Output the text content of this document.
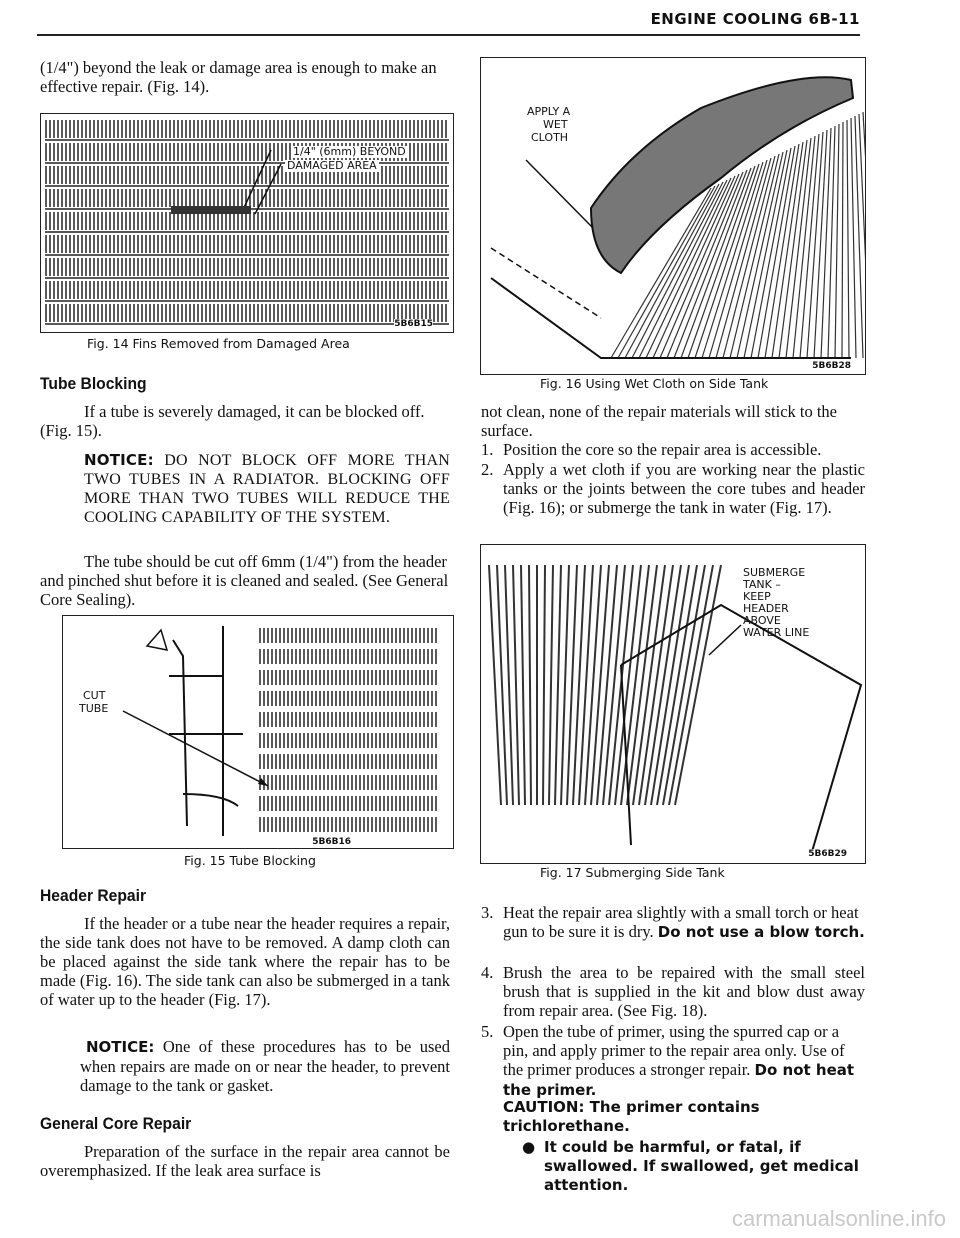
ENGINE COOLING 6B-11

(1/4") beyond the leak or damage area is enough to make an effective repair. (Fig. 14).

1/4" (6mm) BEYOND
DAMAGED AREA
5B6B15
Fig. 14 Fins Removed from Damaged Area
Tube Blocking

If a tube is severely damaged, it can be blocked off. (Fig. 15).

NOTICE: DO NOT BLOCK OFF MORE THAN TWO TUBES IN A RADIATOR. BLOCKING OFF MORE THAN TWO TUBES WILL REDUCE THE COOLING CAPABILITY OF THE SYSTEM.

The tube should be cut off 6mm (1/4") from the header and pinched shut before it is cleaned and sealed. (See General Core Sealing).

CUT
TUBE
5B6B16
Fig. 15 Tube Blocking
Header Repair

If the header or a tube near the header requires a repair, the side tank does not have to be removed. A damp cloth can be placed against the side tank where the repair has to be made (Fig. 16). The side tank can also be submerged in a tank of water up to the header (Fig. 17).

NOTICE: One of these procedures has to be used when repairs are made on or near the header, to prevent damage to the tank or gasket.

General Core Repair

Preparation of the surface in the repair area cannot be overemphasized. If the leak area surface is

APPLY A
WET
CLOTH
5B6B28
Fig. 16 Using Wet Cloth on Side Tank

not clean, none of the repair materials will stick to the surface.

1. Position the core so the repair area is accessible.
2. Apply a wet cloth if you are working near the plastic tanks or the joints between the core tubes and header (Fig. 16); or submerge the tank in water (Fig. 17).
SUBMERGE
TANK –
KEEP
HEADER
ABOVE
WATER LINE
5B6B29
Fig. 17 Submerging Side Tank
3. Heat the repair area slightly with a small torch or heat gun to be sure it is dry. Do not use a blow torch.
4. Brush the area to be repaired with the small steel brush that is supplied in the kit and blow dust away from repair area. (See Fig. 18).
5. Open the tube of primer, using the spurred cap or a pin, and apply primer to the repair area only. Use of the primer produces a stronger repair. Do not heat the primer.
CAUTION: The primer contains trichlorethane.
● It could be harmful, or fatal, if swallowed. If swallowed, get medical attention.
carmanualsonline.info
